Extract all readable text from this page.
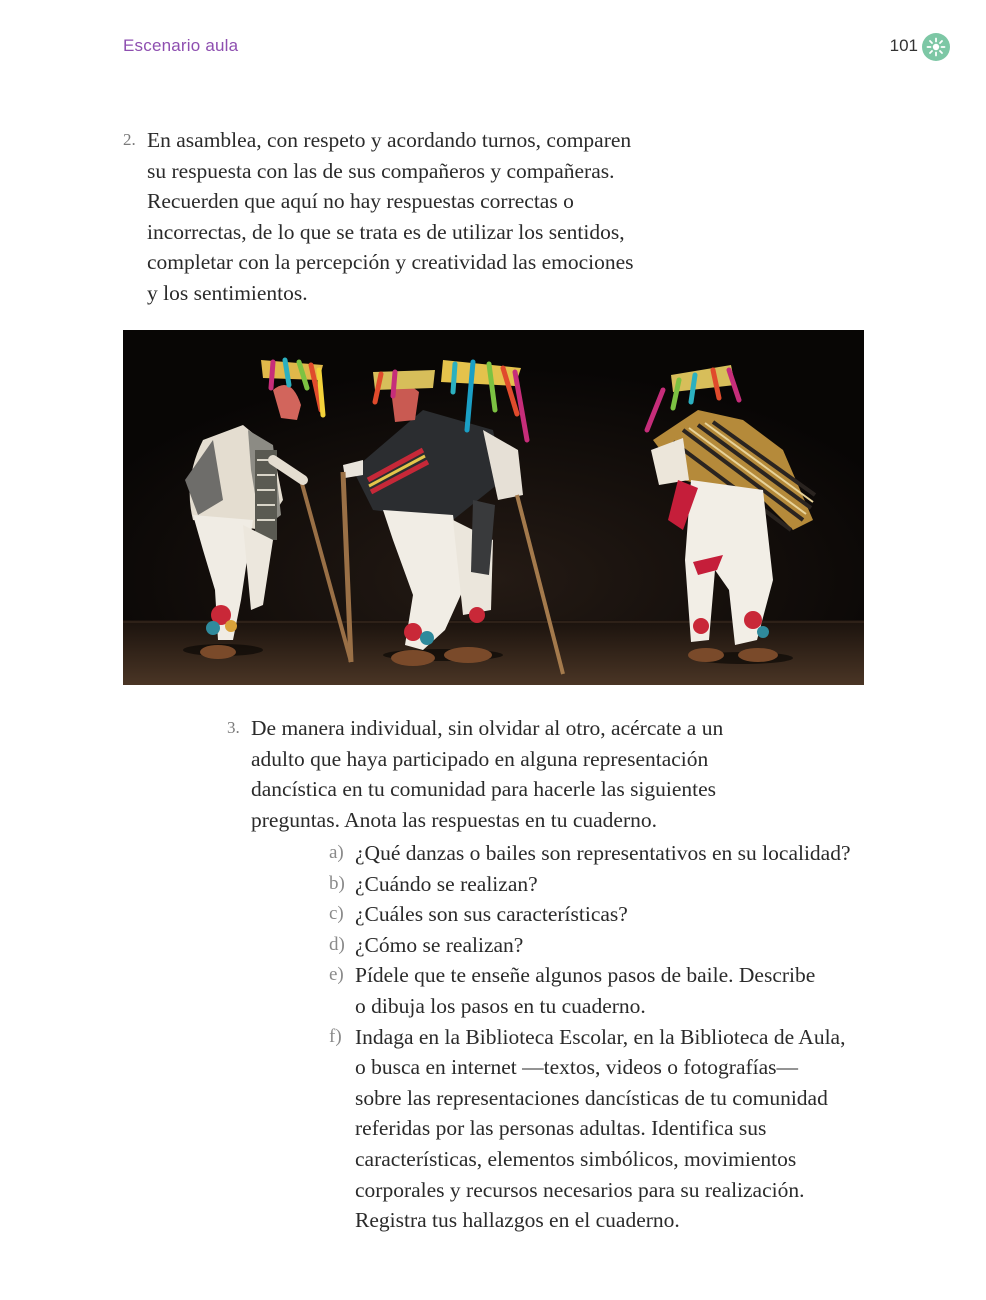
Escenario aula	101
2. En asamblea, con respeto y acordando turnos, comparen

su respuesta con las de sus compañeros y compañeras.

Recuerden que aquí no hay respuestas correctas o

incorrectas, de lo que se trata es de utilizar los sentidos,

completar con la percepción y creatividad las emociones

y los sentimientos.

3. De manera individual, sin olvidar al otro, acércate a un

adulto que haya participado en alguna representación

dancística en tu comunidad para hacerle las siguientes

preguntas. Anota las respuestas en tu cuaderno.

a) ¿Qué danzas o bailes son representativos en su localidad?

b) ¿Cuándo se realizan?

c) ¿Cuáles son sus características?

d) ¿Cómo se realizan?

e) Pídele que te enseñe algunos pasos de baile. Describe

o dibuja los pasos en tu cuaderno.

f) Indaga en la Biblioteca Escolar, en la Biblioteca de Aula,

o busca en internet —textos, videos o fotografías—

sobre las representaciones dancísticas de tu comunidad

referidas por las personas adultas. Identifica sus

características, elementos simbólicos, movimientos

corporales y recursos necesarios para su realización.

Registra tus hallazgos en el cuaderno.
